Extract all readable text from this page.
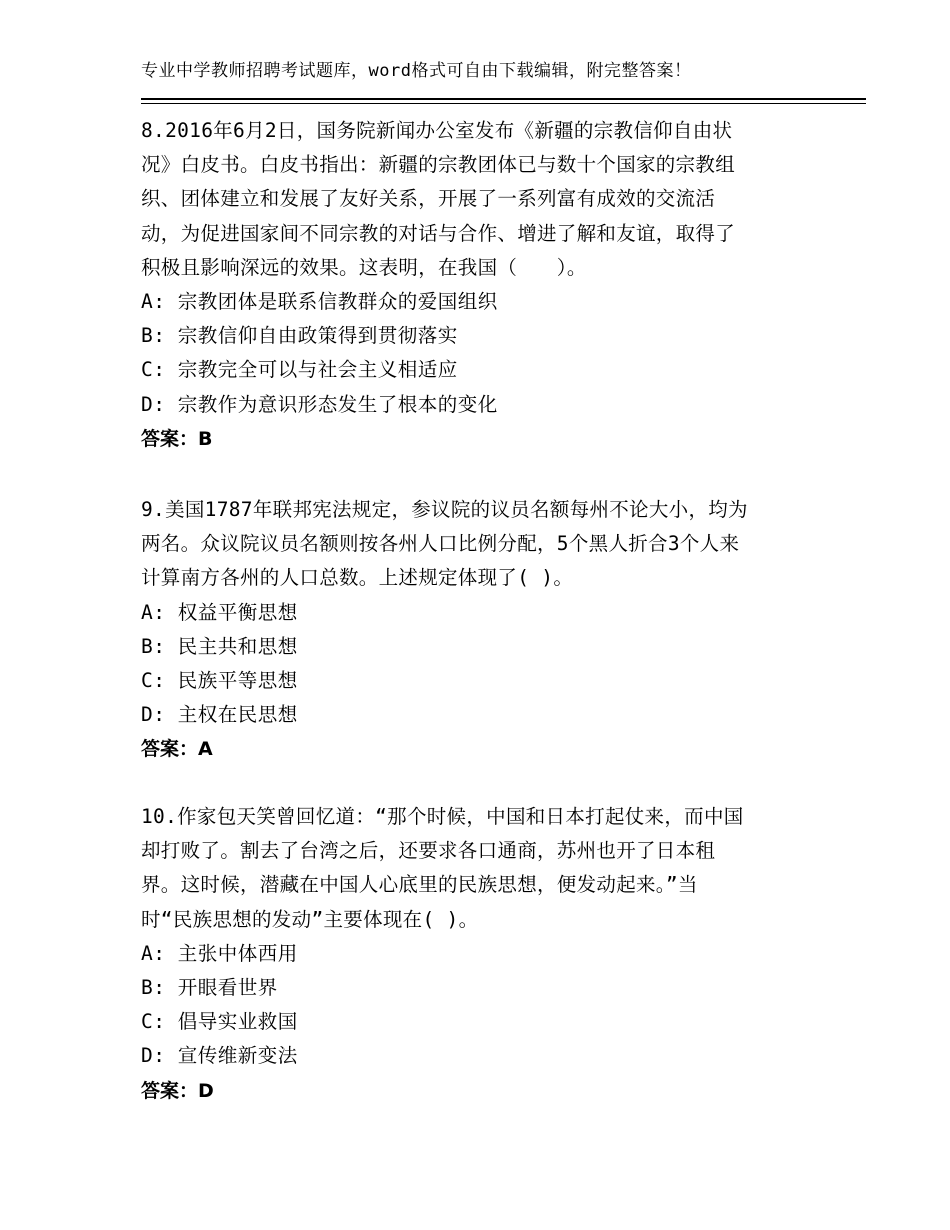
专业中学教师招聘考试题库，word格式可自由下载编辑，附完整答案！

8.2016年6月2日，国务院新闻办公室发布《新疆的宗教信仰自由状
况》白皮书。白皮书指出：新疆的宗教团体已与数十个国家的宗教组
织、团体建立和发展了友好关系，开展了一系列富有成效的交流活
动，为促进国家间不同宗教的对话与合作、增进了解和友谊，取得了
积极且影响深远的效果。这表明，在我国（　　）。

A: 宗教团体是联系信教群众的爱国组织
B: 宗教信仰自由政策得到贯彻落实
C: 宗教完全可以与社会主义相适应
D: 宗教作为意识形态发生了根本的变化
答案：B

9.美国1787年联邦宪法规定，参议院的议员名额每州不论大小，均为
两名。众议院议员名额则按各州人口比例分配，5个黑人折合3个人来
计算南方各州的人口总数。上述规定体现了( )。

A: 权益平衡思想
B: 民主共和思想
C: 民族平等思想
D: 主权在民思想
答案：A

10.作家包天笑曾回忆道：“那个时候，中国和日本打起仗来，而中国
却打败了。割去了台湾之后，还要求各口通商，苏州也开了日本租
界。这时候，潜藏在中国人心底里的民族思想，便发动起来。”当
时“民族思想的发动”主要体现在( )。

A: 主张中体西用
B: 开眼看世界
C: 倡导实业救国
D: 宣传维新变法
答案：D
